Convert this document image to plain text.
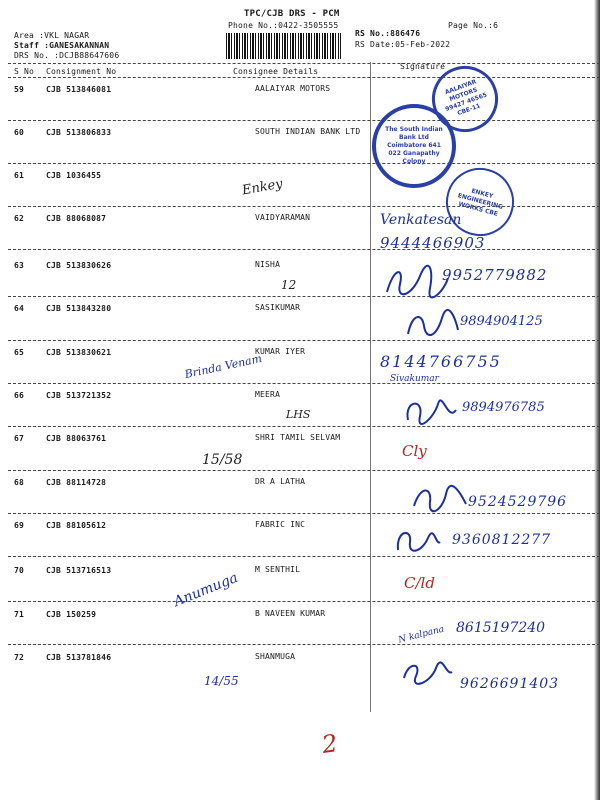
TPC/CJB DRS - PCM
Phone No.:0422-3505555
RS No.:886476
Page No.:6
RS Date:05-Feb-2022
Area :VKL NAGAR
Staff :GANESAKANNAN
DRS No. :DCJB88647606
S No Consignment No	Consignee Details
Signature
59	CJB 513846081	AALAIYAR MOTORS
60	CJB 513806833	SOUTH INDIAN BANK LTD
61	CJB 1036455
62	CJB 88068087	VAIDYARAMAN
63	CJB 513830626	NISHA
64	CJB 513843280	SASIKUMAR
65	CJB 513830621	KUMAR IYER
66	CJB 513721352	MEERA
67	CJB 88063761	SHRI TAMIL SELVAM
68	CJB 88114728	DR A LATHA
69	CJB 88105612	FABRIC INC
70	CJB 513716513	M SENTHIL
71	CJB 150259	B NAVEEN KUMAR
72	CJB 513781846	SHANMUGA
AALAIYAR MOTORS 99427 46565 CBE-11
The South Indian Bank Ltd Coimbatore 641 022 Ganapathy Colony
ENKEY ENGINEERING WORKS CBE
Enkey
Venkatesan
9444466903
12
9952779882
9894904125
Brinda Venam	8144766755
Sivakumar
LHS	9894976785
15/58	Cly
9524529796
9360812277
Anumuga	C/ld
N kalpana 8615197240
14/55	9626691403
2
